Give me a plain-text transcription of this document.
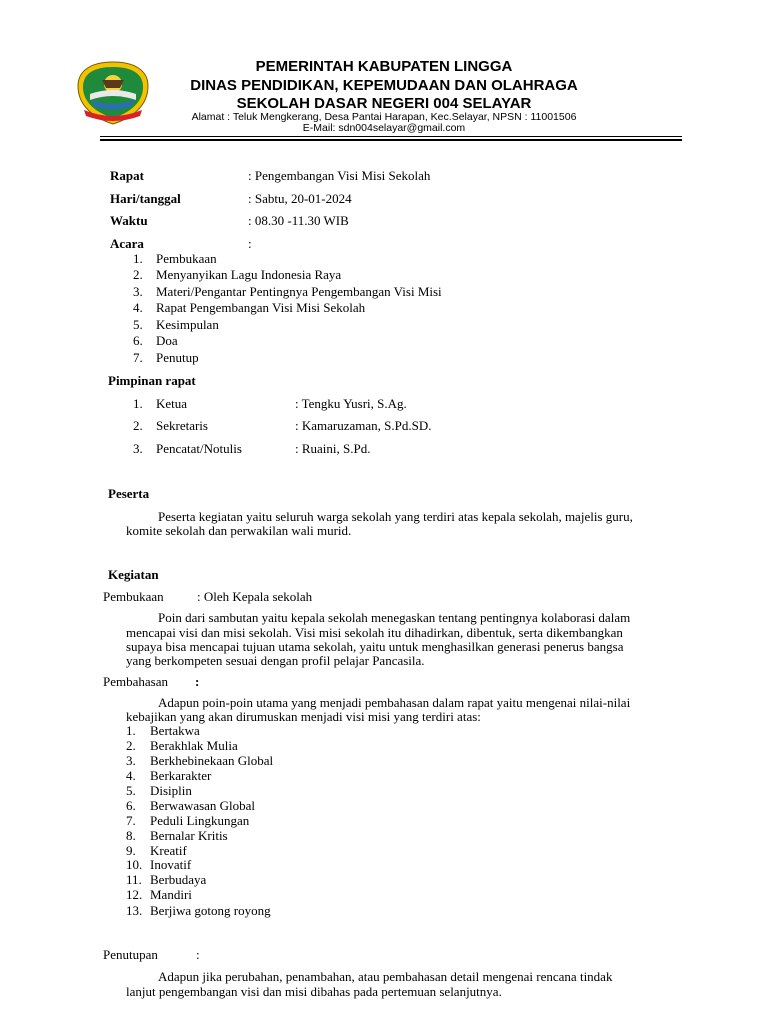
PEMERINTAH KABUPATEN LINGGA
DINAS PENDIDIKAN, KEPEMUDAAN DAN OLAHRAGA
SEKOLAH DASAR NEGERI 004 SELAYAR
Alamat : Teluk Mengkerang, Desa Pantai Harapan, Kec.Selayar, NPSN : 11001506
E-Mail: sdn004selayar@gmail.com
Rapat	: Pengembangan Visi Misi Sekolah
Hari/tanggal	: Sabtu, 20-01-2024
Waktu	: 08.30 -11.30 WIB
Acara	:
1. Pembukaan
2. Menyanyikan Lagu Indonesia Raya
3. Materi/Pengantar Pentingnya Pengembangan Visi Misi
4. Rapat Pengembangan Visi Misi Sekolah
5. Kesimpulan
6. Doa
7. Penutup
Pimpinan rapat
1. Ketua	: Tengku Yusri, S.Ag.
2. Sekretaris	: Kamaruzaman, S.Pd.SD.
3. Pencatat/Notulis	: Ruaini, S.Pd.
Peserta
Peserta kegiatan yaitu seluruh warga sekolah yang terdiri atas kepala sekolah, majelis guru,
komite sekolah dan perwakilan wali murid.
Kegiatan
Pembukaan	: Oleh Kepala sekolah
Poin dari sambutan yaitu kepala sekolah menegaskan tentang pentingnya kolaborasi dalam
mencapai visi dan misi sekolah. Visi misi sekolah itu dihadirkan, dibentuk, serta dikembangkan
supaya bisa mencapai tujuan utama sekolah, yaitu untuk menghasilkan generasi penerus bangsa
yang berkompeten sesuai dengan profil pelajar Pancasila.
Pembahasan :
Adapun poin-poin utama yang menjadi pembahasan dalam rapat yaitu mengenai nilai-nilai
kebajikan yang akan dirumuskan menjadi visi misi yang terdiri atas:
1. Bertakwa
2. Berakhlak Mulia
3. Berkhebinekaan Global
4. Berkarakter
5. Disiplin
6. Berwawasan Global
7. Peduli Lingkungan
8. Bernalar Kritis
9. Kreatif
10. Inovatif
11. Berbudaya
12. Mandiri
13. Berjiwa gotong royong
Penutupan	:
Adapun jika perubahan, penambahan, atau pembahasan detail mengenai rencana tindak
lanjut pengembangan visi dan misi dibahas pada pertemuan selanjutnya.
